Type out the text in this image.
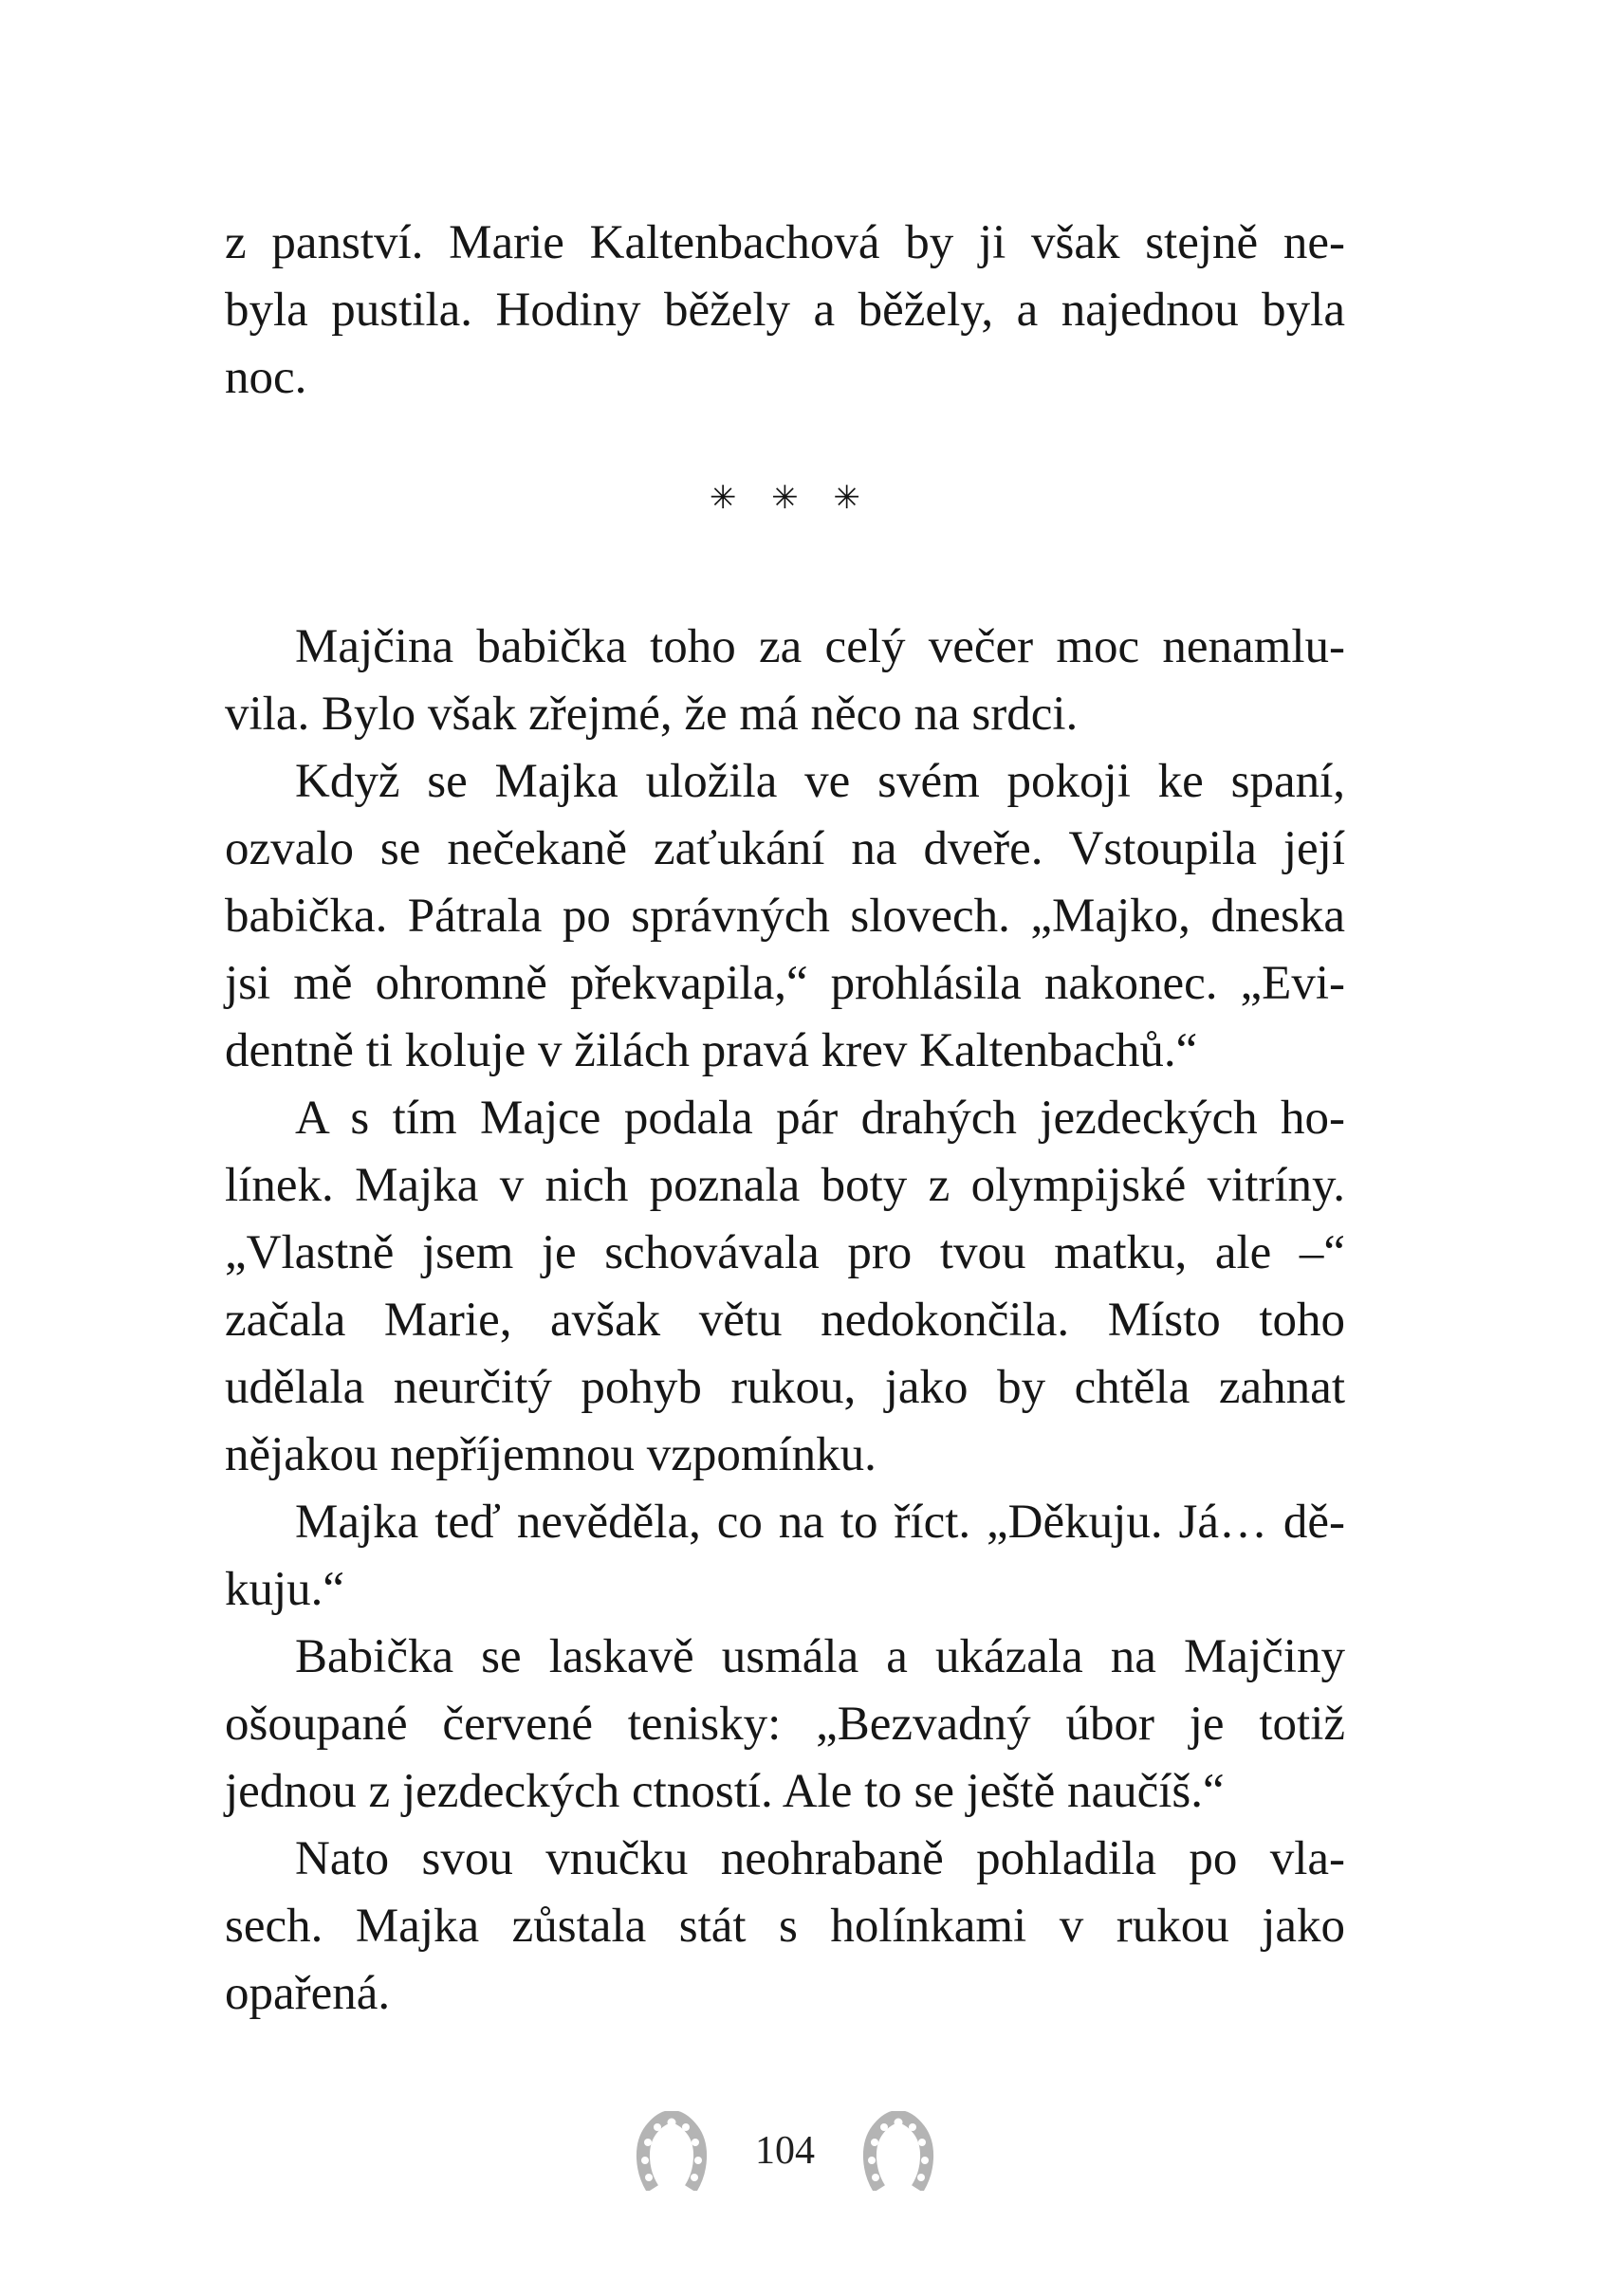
z panství. Marie Kaltenbachová by ji však stejně ne-
byla pustila. Hodiny běžely a běžely, a najednou byla
noc.
✳ ✳ ✳
Majčina babička toho za celý večer moc nenamlu-
vila. Bylo však zřejmé, že má něco na srdci.
Když se Majka uložila ve svém pokoji ke spaní,
ozvalo se nečekaně zaťukání na dveře. Vstoupila její
babička. Pátrala po správných slovech. „Majko, dneska
jsi mě ohromně překvapila,“ prohlásila nakonec. „Evi-
dentně ti koluje v žilách pravá krev Kaltenbachů.“
A s tím Majce podala pár drahých jezdeckých ho-
línek. Majka v nich poznala boty z olympijské vitríny.
„Vlastně jsem je schovávala pro tvou matku, ale –“
začala Marie, avšak větu nedokončila. Místo toho
udělala neurčitý pohyb rukou, jako by chtěla zahnat
nějakou nepříjemnou vzpomínku.
Majka teď nevěděla, co na to říct. „Děkuju. Já… dě-
kuju.“
Babička se laskavě usmála a ukázala na Majčiny
ošoupané červené tenisky: „Bezvadný úbor je totiž
jednou z jezdeckých ctností. Ale to se ještě naučíš.“
Nato svou vnučku neohrabaně pohladila po vla-
sech. Majka zůstala stát s holínkami v rukou jako
opařená.
104
